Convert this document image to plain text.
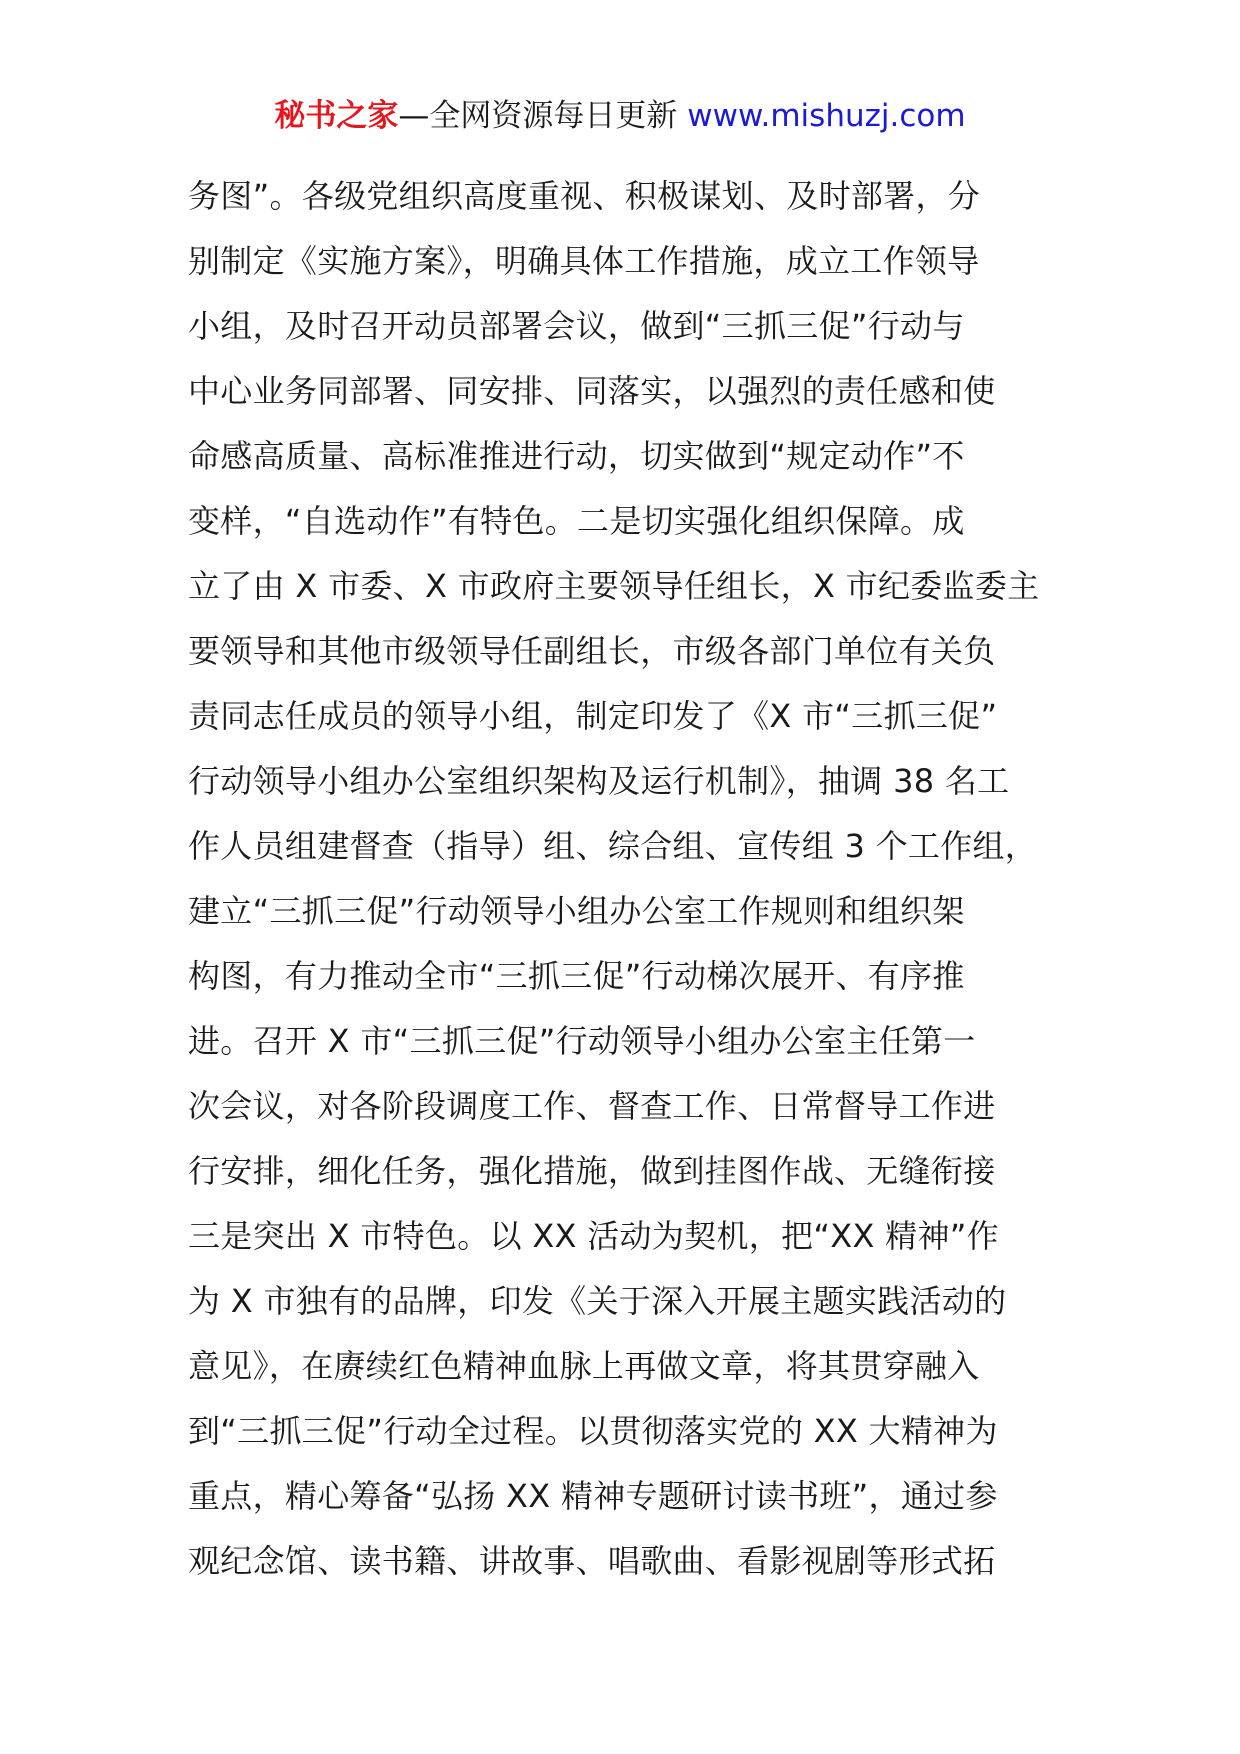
秘书之家—全网资源每日更新 www.mishuzj.com
务图”。各级党组织高度重视、积极谋划、及时部署，分
别制定《实施方案》，明确具体工作措施，成立工作领导
小组，及时召开动员部署会议，做到“三抓三促”行动与
中心业务同部署、同安排、同落实，以强烈的责任感和使
命感高质量、高标准推进行动，切实做到“规定动作”不
变样，“自选动作”有特色。二是切实强化组织保障。成
立了由 X 市委、X 市政府主要领导任组长，X 市纪委监委主
要领导和其他市级领导任副组长，市级各部门单位有关负
责同志任成员的领导小组，制定印发了《X 市“三抓三促”
行动领导小组办公室组织架构及运行机制》，抽调 38 名工
作人员组建督查（指导）组、综合组、宣传组 3 个工作组，
建立“三抓三促”行动领导小组办公室工作规则和组织架
构图，有力推动全市“三抓三促”行动梯次展开、有序推
进。召开 X 市“三抓三促”行动领导小组办公室主任第一
次会议，对各阶段调度工作、督查工作、日常督导工作进
行安排，细化任务，强化措施，做到挂图作战、无缝衔接
三是突出 X 市特色。以 XX 活动为契机，把“XX 精神”作
为 X 市独有的品牌，印发《关于深入开展主题实践活动的
意见》，在赓续红色精神血脉上再做文章，将其贯穿融入
到“三抓三促”行动全过程。以贯彻落实党的 XX 大精神为
重点，精心筹备“弘扬 XX 精神专题研讨读书班”，通过参
观纪念馆、读书籍、讲故事、唱歌曲、看影视剧等形式拓
